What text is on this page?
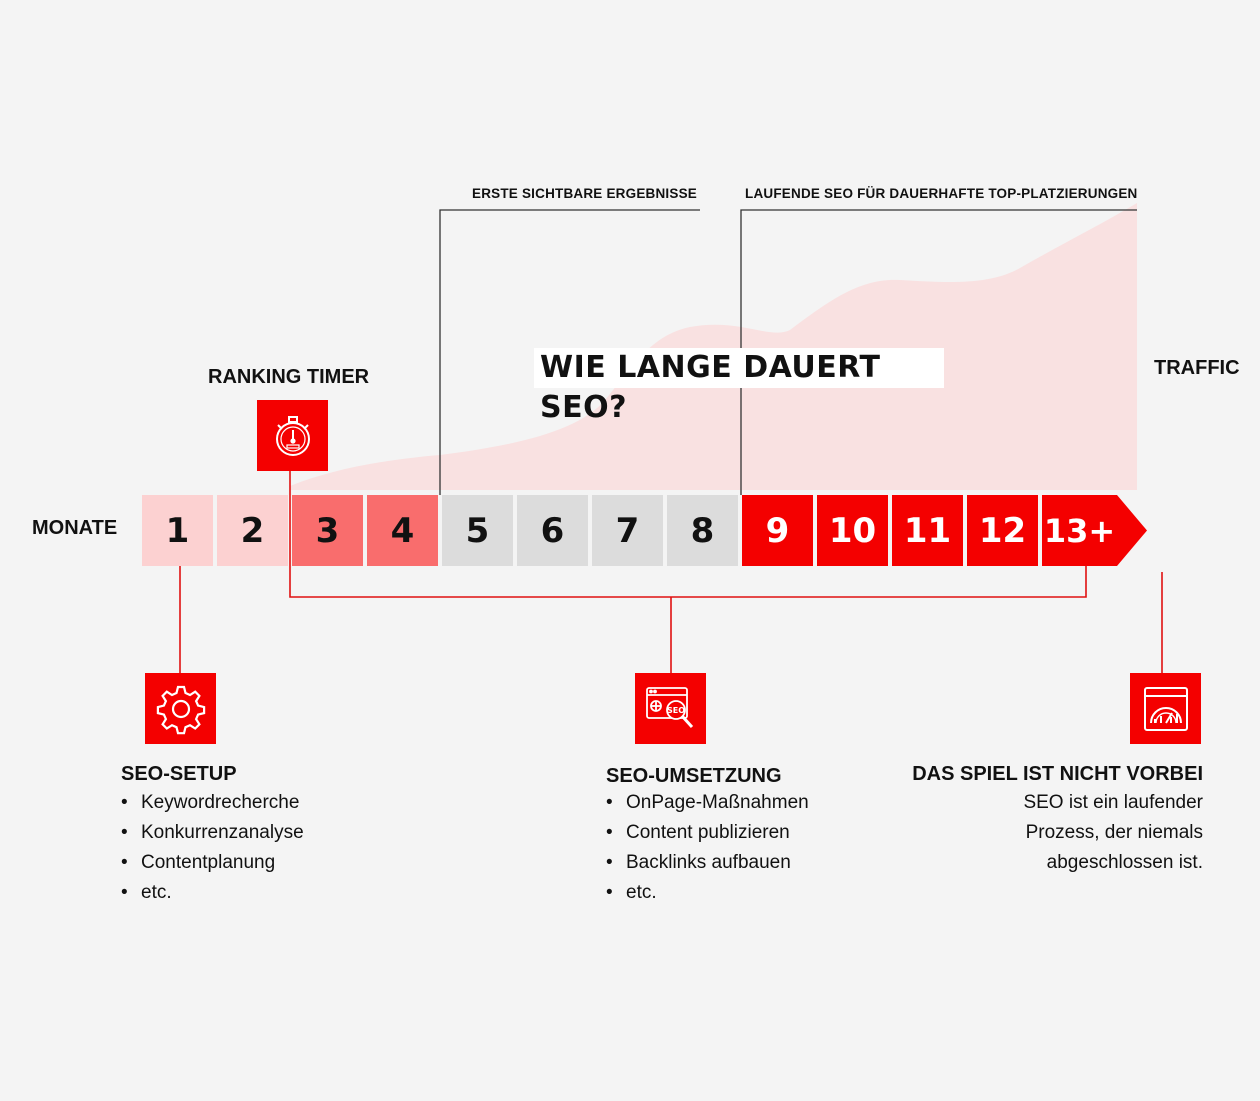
WIE LANGE DAUERT SEO?
ERSTE SICHTBARE ERGEBNISSE	LAUFENDE SEO FÜR DAUERHAFTE TOP-PLATZIERUNGEN
RANKING TIMER	TRAFFIC
MONATE	1	2	3	4	5	6	7	8	9	10 11 12 13+
SEO
SEO-SETUP
• Keywordrecherche
• Konkurrenzanalyse
• Contentplanung
• etc.
SEO-UMSETZUNG
• OnPage-Maßnahmen
• Content publizieren
• Backlinks aufbauen
• etc.
DAS SPIEL IST NICHT VORBEI
SEO ist ein laufender
Prozess, der niemals
abgeschlossen ist.
